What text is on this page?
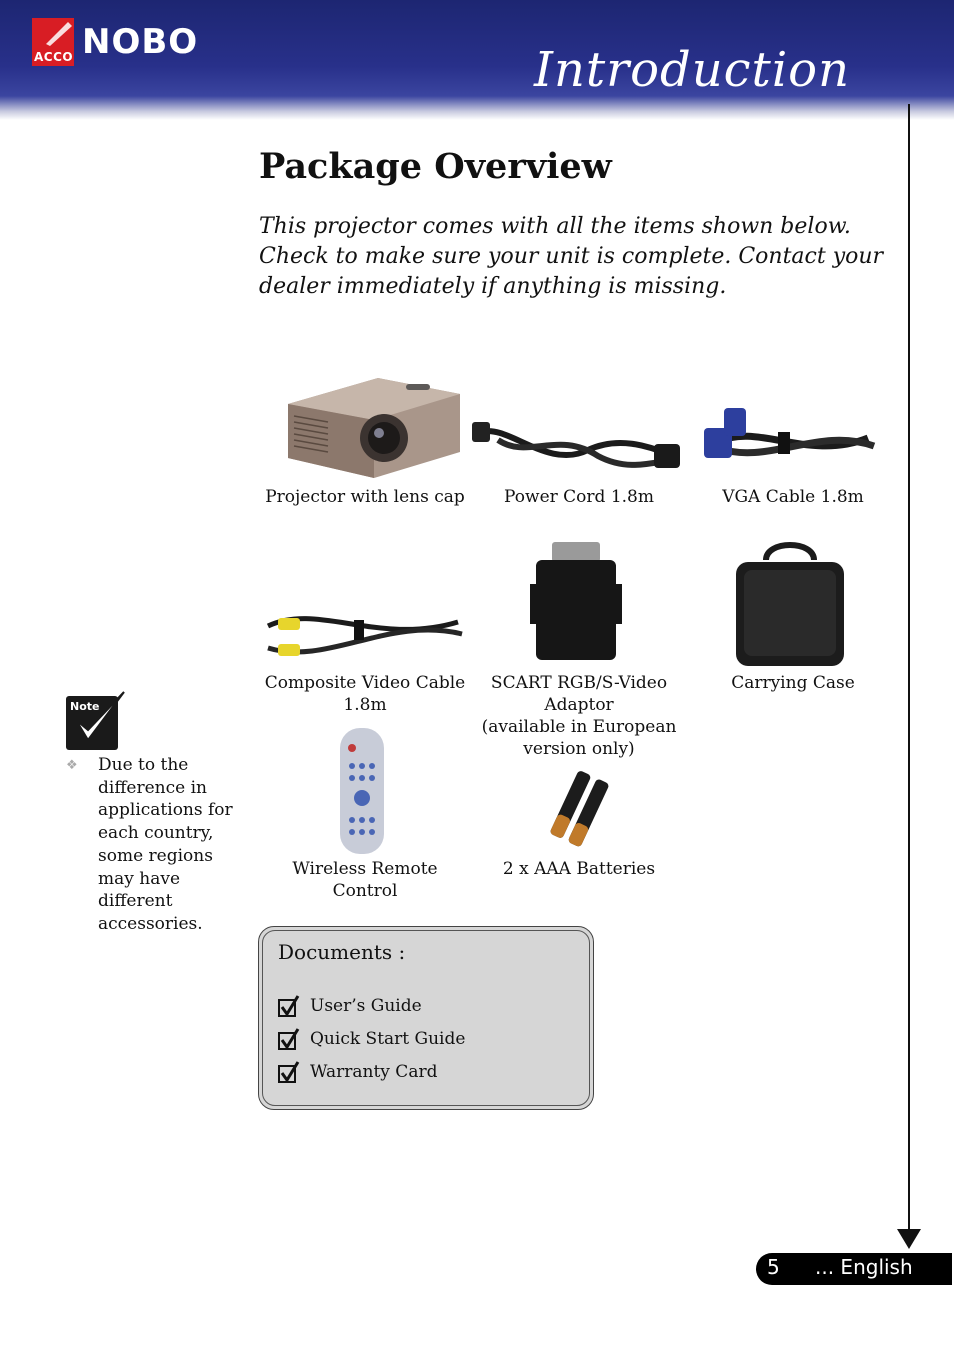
ACCO NOBO	Introduction
Package Overview
This projector comes with all the items shown below. Check to make sure your unit is complete. Contact your dealer immediately if anything is missing.
Projector with lens cap	Power Cord 1.8m	VGA Cable 1.8m
Composite Video Cable
1.8m
SCART RGB/S-Video
Adaptor
(available in European
version only)
Carrying Case
Wireless Remote
Control
2 x AAA Batteries
Note
❖ Due to the difference in applications for each country, some regions may have different accessories.
Documents :
User’s Guide
Quick Start Guide
Warranty Card
5 ... English
